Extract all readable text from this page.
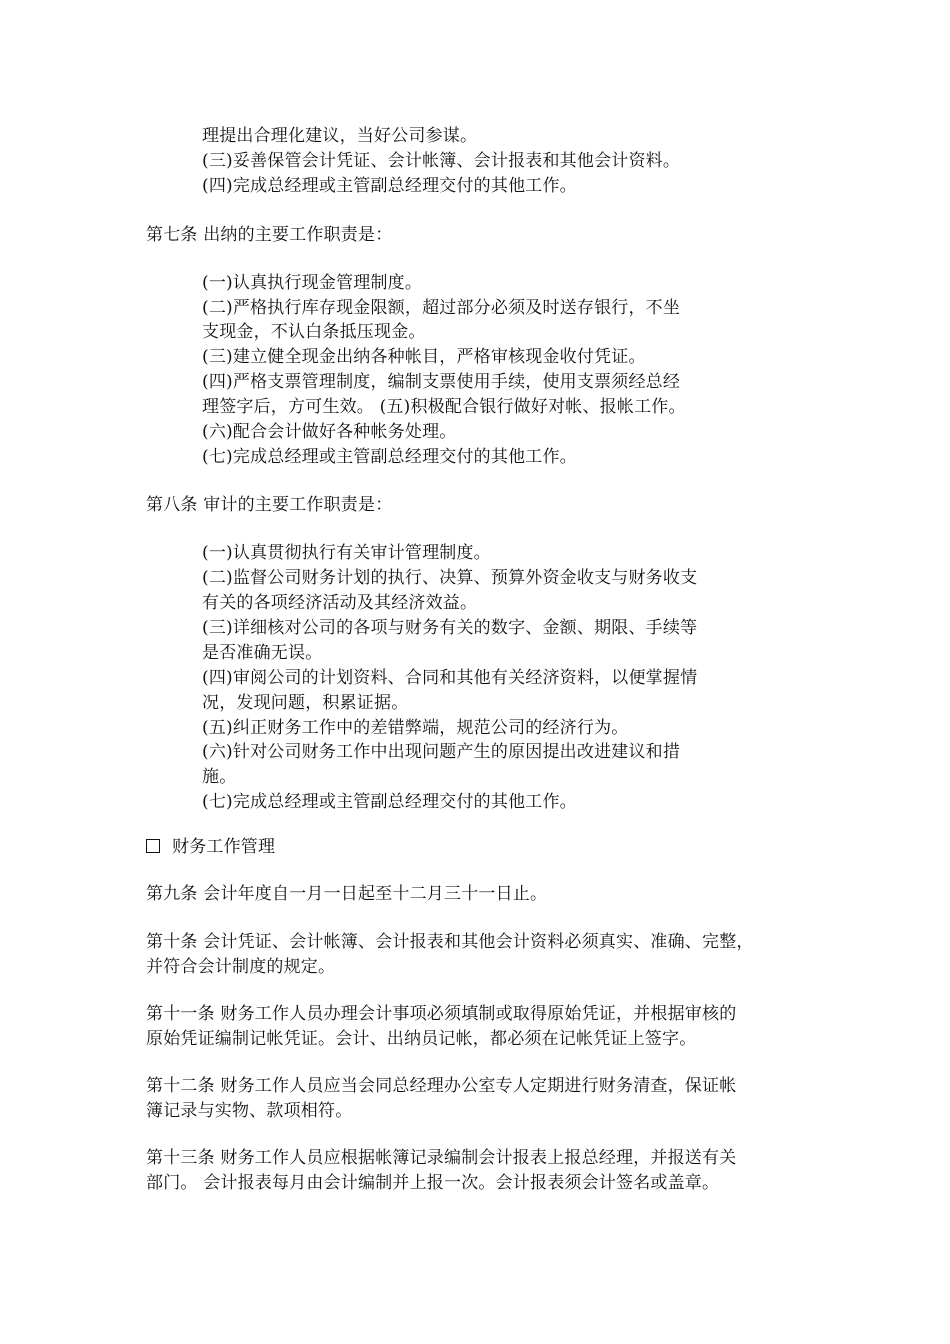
理提出合理化建议，当好公司参谋。
(三)妥善保管会计凭证、会计帐簿、会计报表和其他会计资料。
(四)完成总经理或主管副总经理交付的其他工作。
第七条 出纳的主要工作职责是：
(一)认真执行现金管理制度。
(二)严格执行库存现金限额，超过部分必须及时送存银行，不坐
支现金，不认白条抵压现金。
(三)建立健全现金出纳各种帐目，严格审核现金收付凭证。
(四)严格支票管理制度，编制支票使用手续，使用支票须经总经
理签字后，方可生效。 (五)积极配合银行做好对帐、报帐工作。
(六)配合会计做好各种帐务处理。
(七)完成总经理或主管副总经理交付的其他工作。
第八条 审计的主要工作职责是：
(一)认真贯彻执行有关审计管理制度。
(二)监督公司财务计划的执行、决算、预算外资金收支与财务收支
有关的各项经济活动及其经济效益。
(三)详细核对公司的各项与财务有关的数字、金额、期限、手续等
是否准确无误。
(四)审阅公司的计划资料、合同和其他有关经济资料，以便掌握情
况，发现问题，积累证据。
(五)纠正财务工作中的差错弊端，规范公司的经济行为。
(六)针对公司财务工作中出现问题产生的原因提出改进建议和措
施。
(七)完成总经理或主管副总经理交付的其他工作。
财务工作管理
第九条 会计年度自一月一日起至十二月三十一日止。
第十条 会计凭证、会计帐簿、会计报表和其他会计资料必须真实、准确、完整，
并符合会计制度的规定。
第十一条 财务工作人员办理会计事项必须填制或取得原始凭证，并根据审核的
原始凭证编制记帐凭证。会计、出纳员记帐，都必须在记帐凭证上签字。
第十二条 财务工作人员应当会同总经理办公室专人定期进行财务清查，保证帐
簿记录与实物、款项相符。
第十三条 财务工作人员应根据帐簿记录编制会计报表上报总经理，并报送有关
部门。 会计报表每月由会计编制并上报一次。会计报表须会计签名或盖章。
